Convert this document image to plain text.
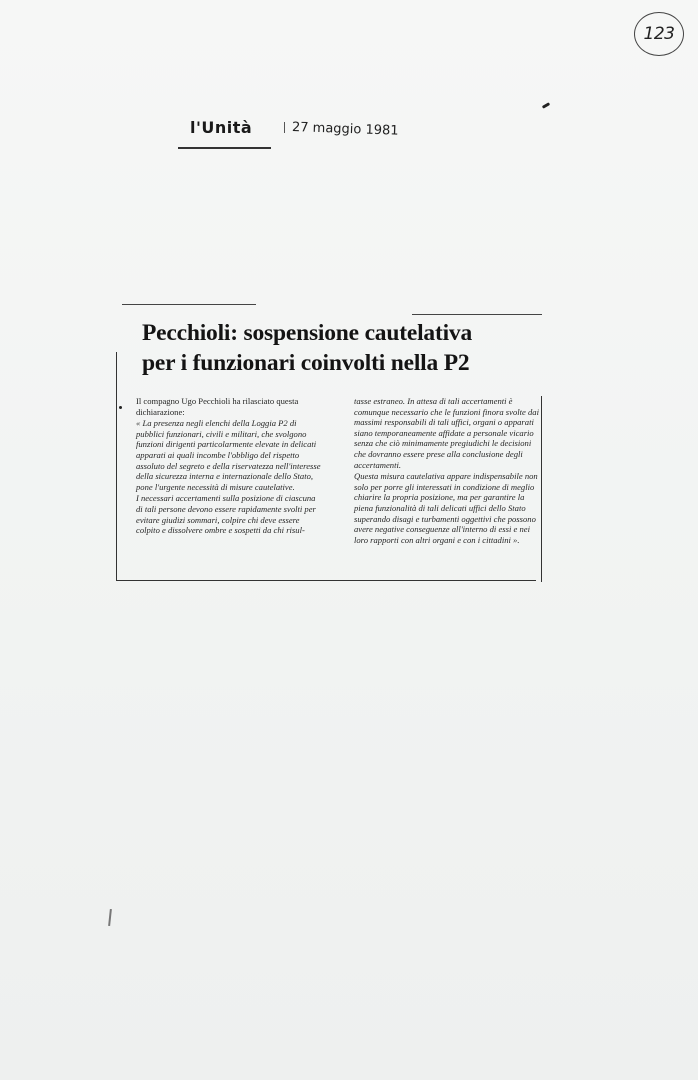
123
l'Unità	27 maggio 1981
Pecchioli: sospensione cautelativa
per i funzionari coinvolti nella P2

Il compagno Ugo Pecchioli ha rilasciato questa dichiarazione:

« La presenza negli elenchi della Loggia P2 di pubblici funzionari, civili e militari, che svolgono funzioni dirigenti particolarmente elevate in delicati apparati ai quali incombe l'obbligo del rispetto assoluto del segreto e della riservatezza nell'interesse della sicurezza interna e internazionale dello Stato, pone l'urgente necessità di misure cautelative.

I necessari accertamenti sulla posizione di ciascuna di tali persone devono essere rapidamente svolti per evitare giudizi sommari, colpire chi deve essere colpito e dissolvere ombre e sospetti da chi risul-

tasse estraneo. In attesa di tali accertamenti è comunque necessario che le funzioni finora svolte dai massimi responsabili di tali uffici, organi o apparati siano temporaneamente affidate a personale vicario senza che ciò minimamente pregiudichi le decisioni che dovranno essere prese alla conclusione degli accertamenti.

Questa misura cautelativa appare indispensabile non solo per porre gli interessati in condizione di meglio chiarire la propria posizione, ma per garantire la piena funzionalità di tali delicati uffici dello Stato superando disagi e turbamenti oggettivi che possono avere negative conseguenze all'interno di essi e nei loro rapporti con altri organi e con i cittadini ».
